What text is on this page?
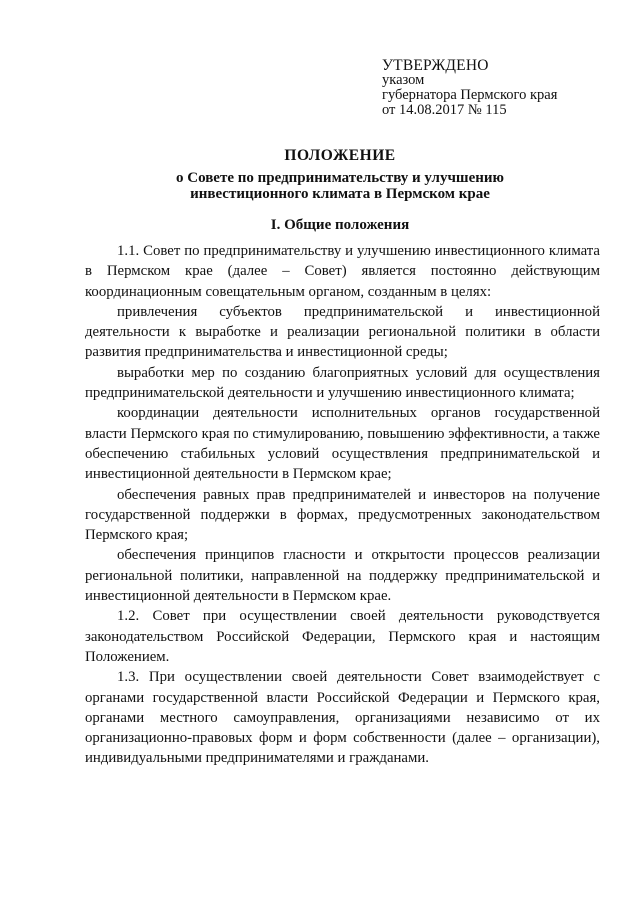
УТВЕРЖДЕНО
указом
губернатора Пермского края
от 14.08.2017 № 115
ПОЛОЖЕНИЕ
о Совете по предпринимательству и улучшению
инвестиционного климата в Пермском крае
I. Общие положения

1.1. Совет по предпринимательству и улучшению инвестиционного климата в Пермском крае (далее – Совет) является постоянно действующим координационным совещательным органом, созданным в целях:

привлечения субъектов предпринимательской и инвестиционной деятельности к выработке и реализации региональной политики в области развития предпринимательства и инвестиционной среды;

выработки мер по созданию благоприятных условий для осуществления предпринимательской деятельности и улучшению инвестиционного климата;

координации деятельности исполнительных органов государственной власти Пермского края по стимулированию, повышению эффективности, а также обеспечению стабильных условий осуществления предпринимательской и инвестиционной деятельности в Пермском крае;

обеспечения равных прав предпринимателей и инвесторов на получение государственной поддержки в формах, предусмотренных законодательством Пермского края;

обеспечения принципов гласности и открытости процессов реализации региональной политики, направленной на поддержку предпринимательской и инвестиционной деятельности в Пермском крае.

1.2. Совет при осуществлении своей деятельности руководствуется законодательством Российской Федерации, Пермского края и настоящим Положением.

1.3. При осуществлении своей деятельности Совет взаимодействует с органами государственной власти Российской Федерации и Пермского края, органами местного самоуправления, организациями независимо от их организационно-правовых форм и форм собственности (далее – организации), индивидуальными предпринимателями и гражданами.
